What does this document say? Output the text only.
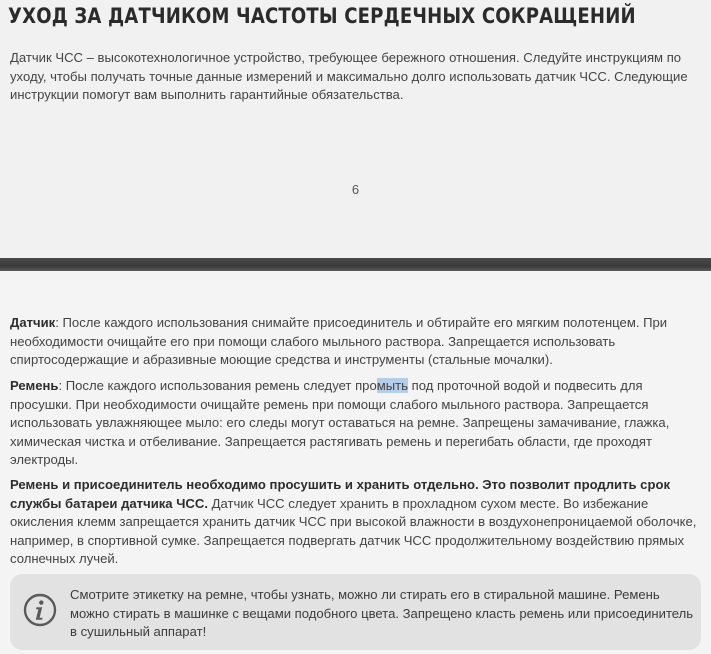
УХОД ЗА ДАТЧИКОМ ЧАСТОТЫ СЕРДЕЧНЫХ СОКРАЩЕНИЙ

Датчик ЧСС – высокотехнологичное устройство, требующее бережного отношения. Следуйте инструкциям по уходу, чтобы получать точные данные измерений и максимально долго использовать датчик ЧСС. Следующие инструкции помогут вам выполнить гарантийные обязательства.

6

Датчик: После каждого использования снимайте присоединитель и обтирайте его мягким полотенцем. При необходимости очищайте его при помощи слабого мыльного раствора. Запрещается использовать спиртосодержащие и абразивные моющие средства и инструменты (стальные мочалки).

Ремень: После каждого использования ремень следует промыть под проточной водой и подвесить для просушки. При необходимости очищайте ремень при помощи слабого мыльного раствора. Запрещается использовать увлажняющее мыло: его следы могут оставаться на ремне. Запрещены замачивание, глажка, химическая чистка и отбеливание. Запрещается растягивать ремень и перегибать области, где проходят электроды.

Ремень и присоединитель необходимо просушить и хранить отдельно. Это позволит продлить срок службы батареи датчика ЧСС. Датчик ЧСС следует хранить в прохладном сухом месте. Во избежание окисления клемм запрещается хранить датчик ЧСС при высокой влажности в воздухонепроницаемой оболочке, например, в спортивной сумке. Запрещается подвергать датчик ЧСС продолжительному воздействию прямых солнечных лучей.

Смотрите этикетку на ремне, чтобы узнать, можно ли стирать его в стиральной машине. Ремень можно стирать в машинке с вещами подобного цвета. Запрещено класть ремень или присоединитель в сушильный аппарат!
